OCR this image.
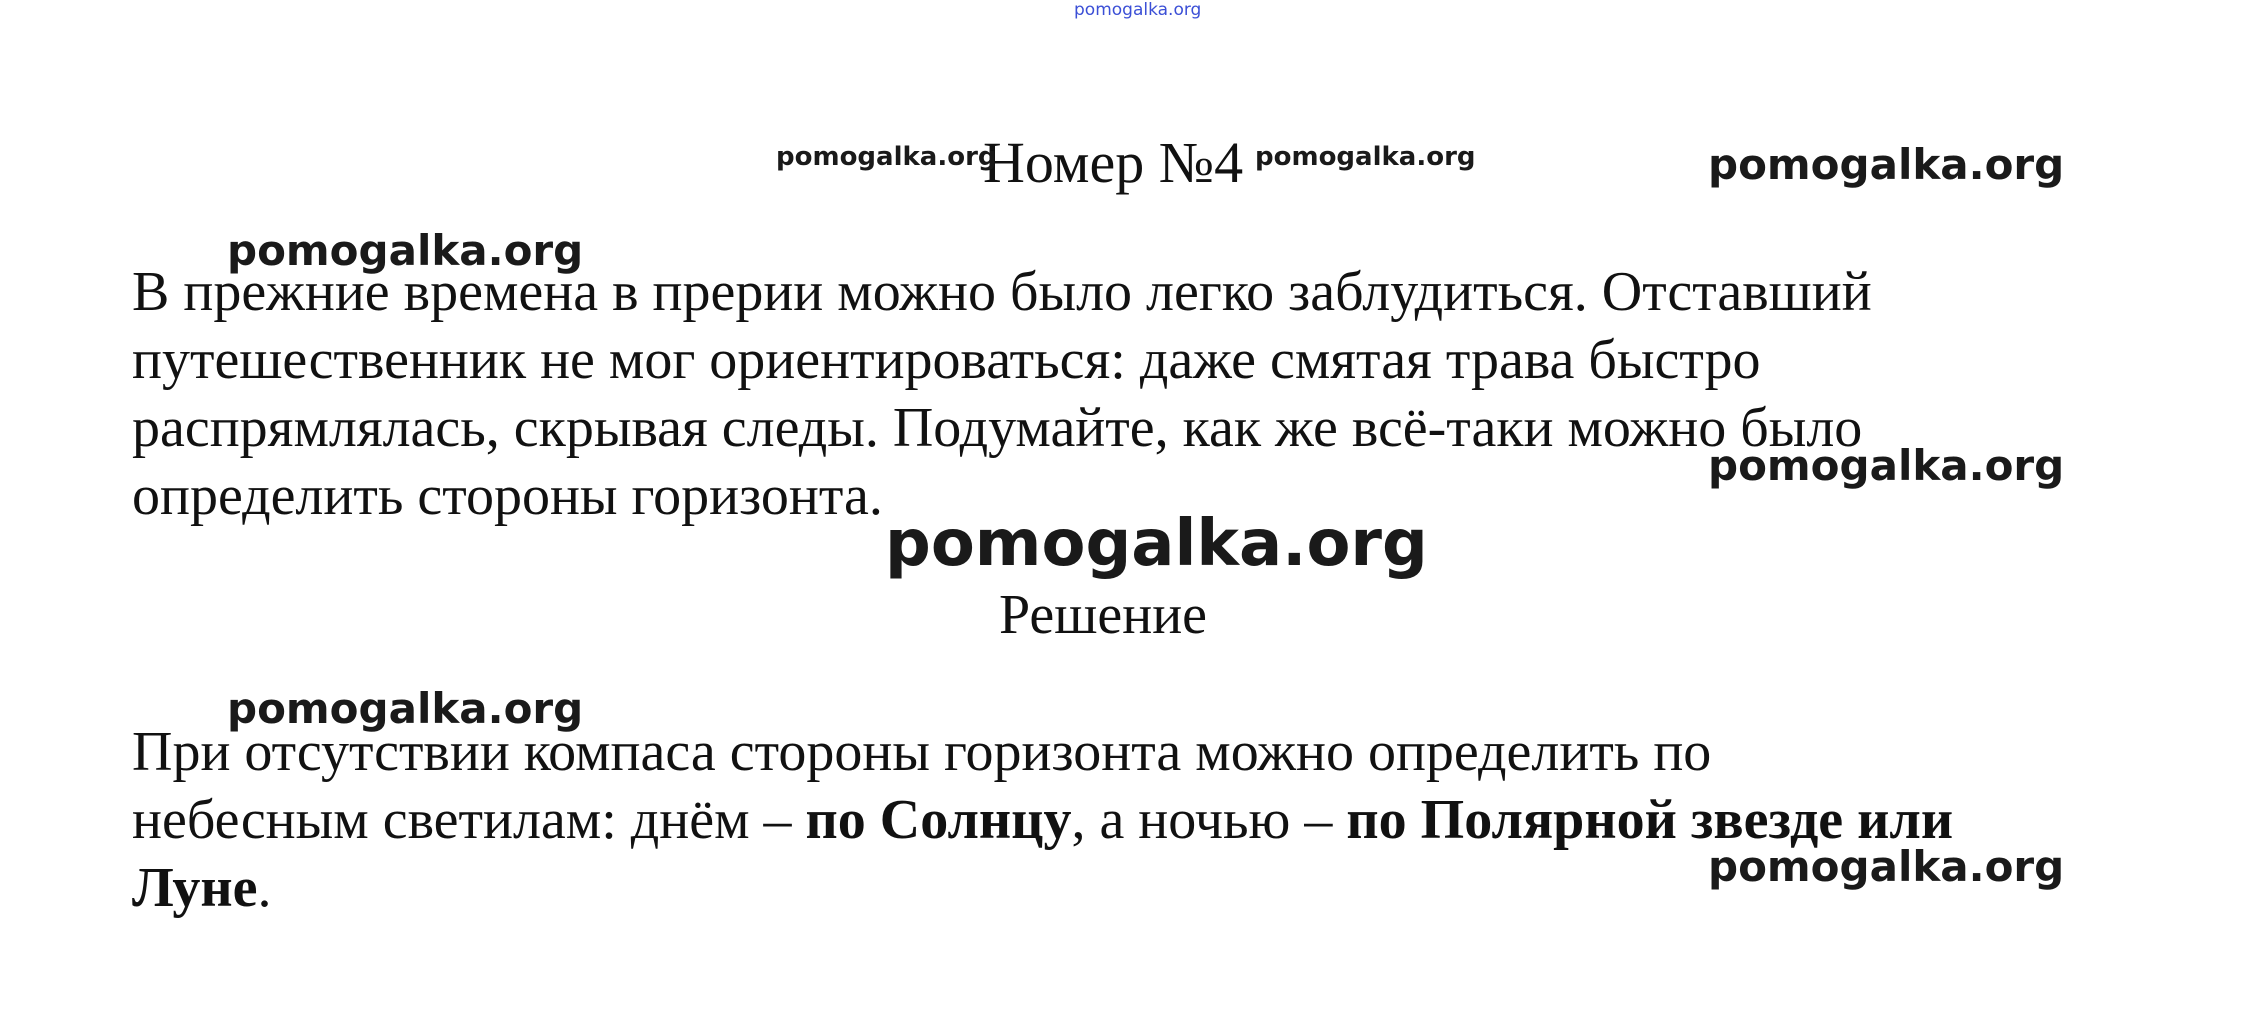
pomogalka.org
Номер №4
pomogalka.org	pomogalka.org	pomogalka.org
pomogalka.org

В прежние времена в прерии можно было легко заблудиться. Отставший
путешественник не мог ориентироваться: даже смятая трава быстро
распрямлялась, скрывая следы. Подумайте, как же всё-таки можно было
определить стороны горизонта.	pomogalka.org
pomogalka.org
Решение
pomogalka.org

При отсутствии компаса стороны горизонта можно определить по
небесным светилам: днём – по Солнцу, а ночью – по Полярной звезде или
Луне.	pomogalka.org
